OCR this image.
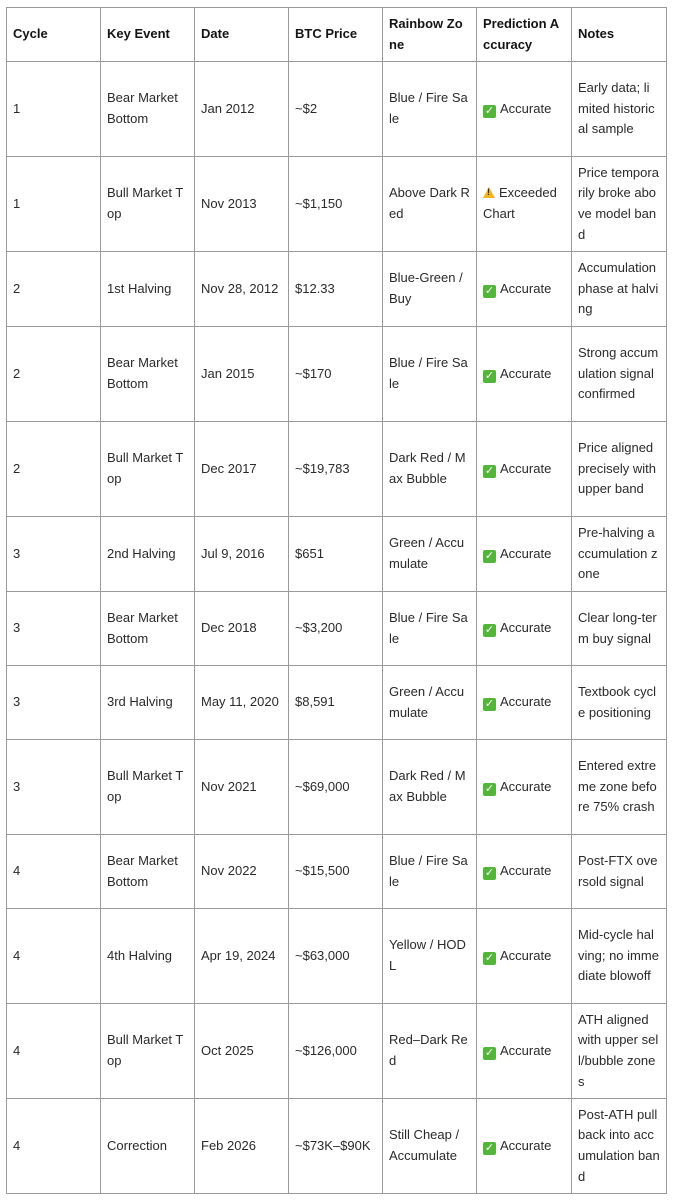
Cycle	Key Event	Date	BTC Price	Rainbow Zone	Prediction Accuracy	Notes
1	Bear Market Bottom	Jan 2012	~$2	Blue / Fire Sale	✓ Accurate	Early data; limited historical sample
1	Bull Market Top	Nov 2013	~$1,150	Above Dark Red	!Exceeded Chart	Price temporarily broke above model band
2	1st Halving	Nov 28, 2012	$12.33	Blue-Green / Buy	✓ Accurate	Accumulation phase at halving
2	Bear Market Bottom	Jan 2015	~$170	Blue / Fire Sale	✓ Accurate	Strong accumulation signal confirmed
2	Bull Market Top	Dec 2017	~$19,783	Dark Red / Max Bubble	✓ Accurate	Price aligned precisely with upper band
3	2nd Halving	Jul 9, 2016	$651	Green / Accumulate	✓ Accurate	Pre-halving accumulation zone
3	Bear Market Bottom	Dec 2018	~$3,200	Blue / Fire Sale	✓ Accurate	Clear long-term buy signal
3	3rd Halving	May 11, 2020	$8,591	Green / Accumulate	✓ Accurate	Textbook cycle positioning
3	Bull Market Top	Nov 2021	~$69,000	Dark Red / Max Bubble	✓ Accurate	Entered extreme zone before 75% crash
4	Bear Market Bottom	Nov 2022	~$15,500	Blue / Fire Sale	✓ Accurate	Post-FTX oversold signal
4	4th Halving	Apr 19, 2024	~$63,000	Yellow / HODL	✓ Accurate	Mid-cycle halving; no immediate blowoff
4	Bull Market Top	Oct 2025	~$126,000	Red–Dark Red	✓ Accurate	ATH aligned with upper sell/bubble zones
4	Correction	Feb 2026	~$73K–$90K	Still Cheap / Accumulate	✓ Accurate	Post-ATH pullback into accumulation band
